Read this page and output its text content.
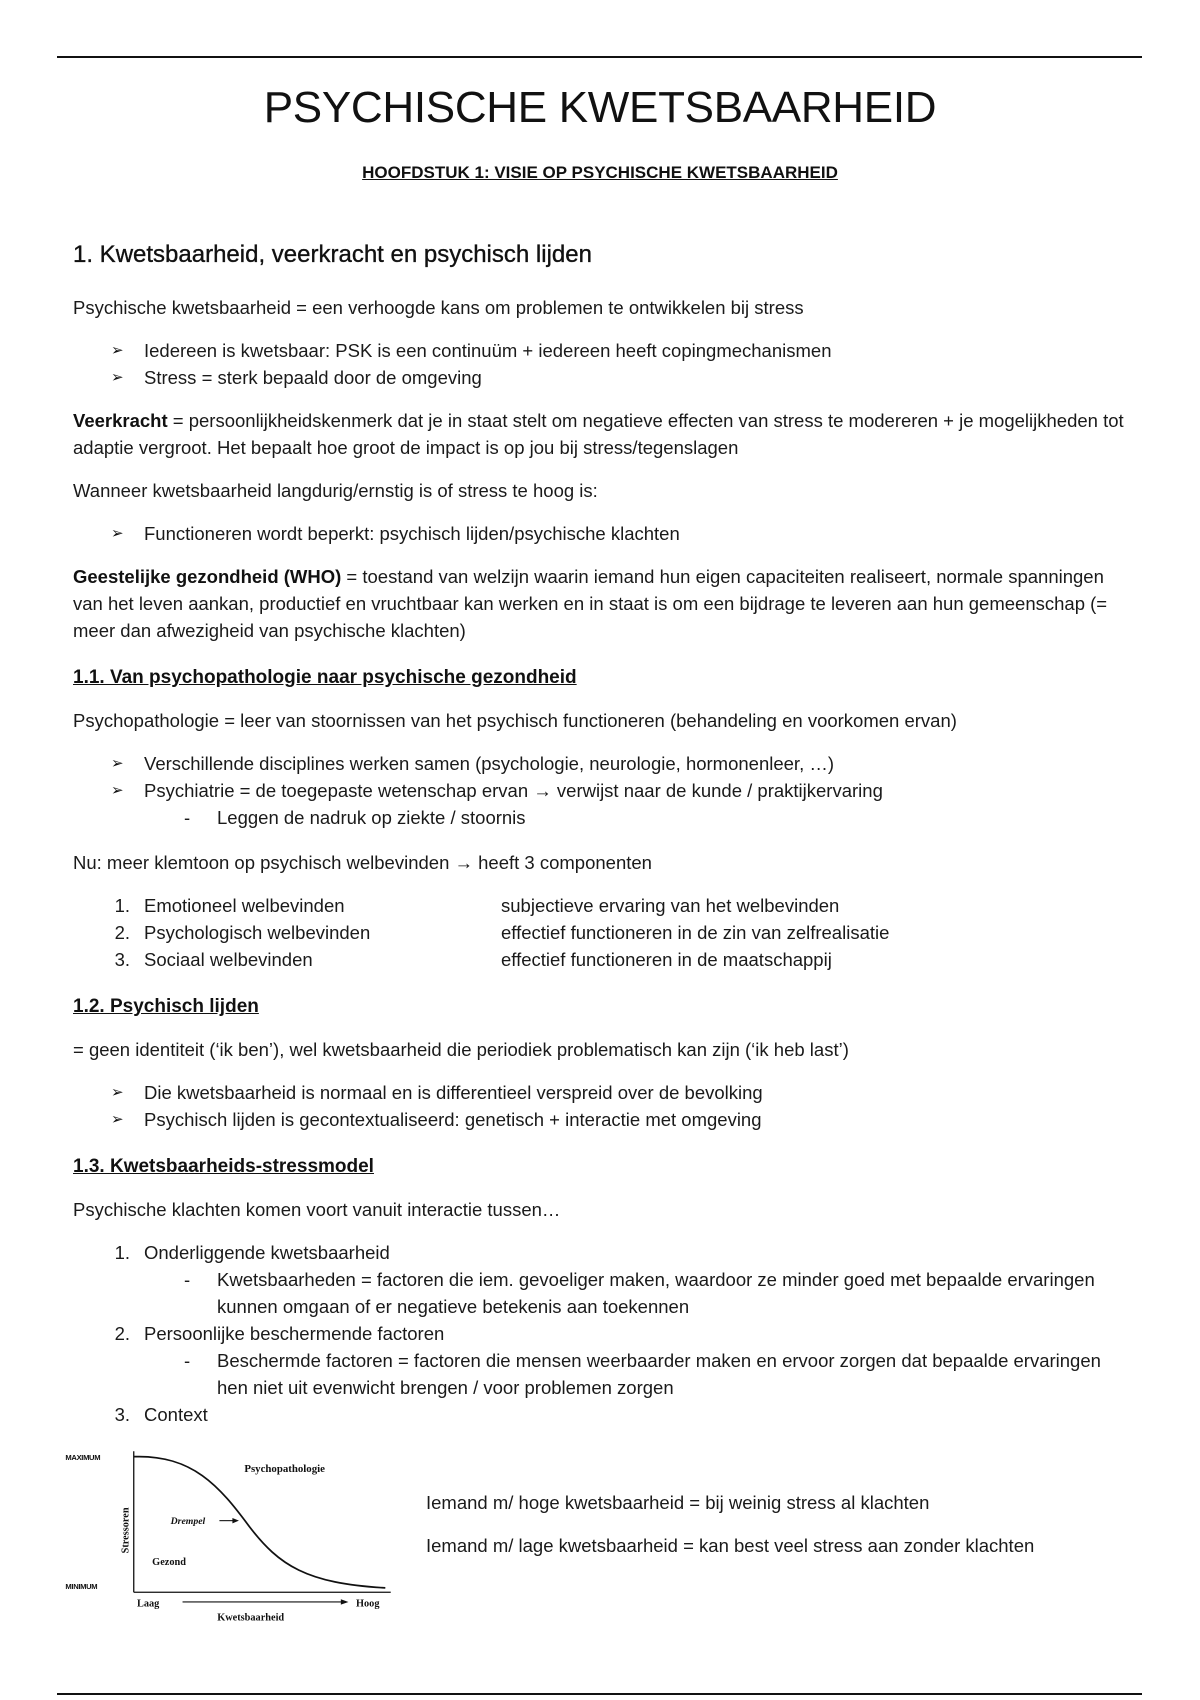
PSYCHISCHE KWETSBAARHEID
HOOFDSTUK 1: VISIE OP PSYCHISCHE KWETSBAARHEID
1. Kwetsbaarheid, veerkracht en psychisch lijden
Psychische kwetsbaarheid = een verhoogde kans om problemen te ontwikkelen bij stress
➢ Iedereen is kwetsbaar: PSK is een continuüm + iedereen heeft copingmechanismen
➢ Stress = sterk bepaald door de omgeving
Veerkracht = persoonlijkheidskenmerk dat je in staat stelt om negatieve effecten van stress te modereren + je mogelijkheden tot adaptie vergroot. Het bepaalt hoe groot de impact is op jou bij stress/tegenslagen
Wanneer kwetsbaarheid langdurig/ernstig is of stress te hoog is:
➢ Functioneren wordt beperkt: psychisch lijden/psychische klachten
Geestelijke gezondheid (WHO) = toestand van welzijn waarin iemand hun eigen capaciteiten realiseert, normale spanningen van het leven aankan, productief en vruchtbaar kan werken en in staat is om een bijdrage te leveren aan hun gemeenschap (= meer dan afwezigheid van psychische klachten)
1.1. Van psychopathologie naar psychische gezondheid
Psychopathologie = leer van stoornissen van het psychisch functioneren (behandeling en voorkomen ervan)
➢ Verschillende disciplines werken samen (psychologie, neurologie, hormonenleer, …)
➢ Psychiatrie = de toegepaste wetenschap ervan → verwijst naar de kunde / praktijkervaring
- Leggen de nadruk op ziekte / stoornis
Nu: meer klemtoon op psychisch welbevinden → heeft 3 componenten
1. Emotioneel welbevinden	subjectieve ervaring van het welbevinden
2. Psychologisch welbevinden	effectief functioneren in de zin van zelfrealisatie
3. Sociaal welbevinden	effectief functioneren in de maatschappij
1.2. Psychisch lijden
= geen identiteit (‘ik ben’), wel kwetsbaarheid die periodiek problematisch kan zijn (‘ik heb last’)
➢ Die kwetsbaarheid is normaal en is differentieel verspreid over de bevolking
➢ Psychisch lijden is gecontextualiseerd: genetisch + interactie met omgeving
1.3. Kwetsbaarheids-stressmodel
Psychische klachten komen voort vanuit interactie tussen…
1. Onderliggende kwetsbaarheid
- Kwetsbaarheden = factoren die iem. gevoeliger maken, waardoor ze minder goed met bepaalde ervaringen kunnen omgaan of er negatieve betekenis aan toekennen
2. Persoonlijke beschermende factoren
- Beschermde factoren = factoren die mensen weerbaarder maken en ervoor zorgen dat bepaalde ervaringen hen niet uit evenwicht brengen / voor problemen zorgen
3. Context
MAXIMUM
MINIMUM
Psychopathologie
Drempel
Gezond
Stressoren
Laag	Hoog
Kwetsbaarheid
Iemand m/ hoge kwetsbaarheid = bij weinig stress al klachten
Iemand m/ lage kwetsbaarheid = kan best veel stress aan zonder klachten
